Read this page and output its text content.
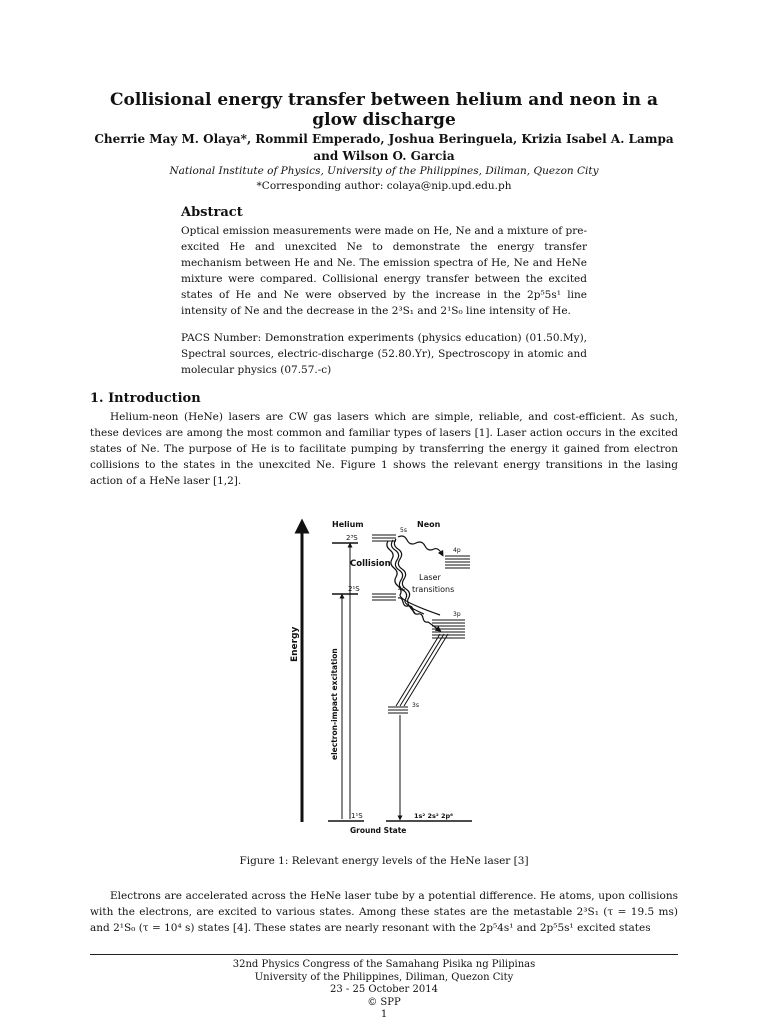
Collisional energy transfer between helium and neon in a glow discharge
Cherrie May M. Olaya*, Rommil Emperado, Joshua Beringuela, Krizia Isabel A. Lampa and Wilson O. Garcia
National Institute of Physics, University of the Philippines, Diliman, Quezon City
*Corresponding author: colaya@nip.upd.edu.ph
Abstract
Optical emission measurements were made on He, Ne and a mixture of pre-excited He and unexcited Ne to demonstrate the energy transfer mechanism between He and Ne. The emission spectra of He, Ne and HeNe mixture were compared. Collisional energy transfer between the excited states of He and Ne were observed by the increase in the 2p⁵5s¹ line intensity of Ne and the decrease in the 2³S₁ and 2¹S₀ line intensity of He.
PACS Number: Demonstration experiments (physics education) (01.50.My), Spectral sources, electric-discharge (52.80.Yr), Spectroscopy in atomic and molecular physics (07.57.-c)
1. Introduction
Helium-neon (HeNe) lasers are CW gas lasers which are simple, reliable, and cost-efficient. As such, these devices are among the most common and familiar types of lasers [1]. Laser action occurs in the excited states of Ne. The purpose of He is to facilitate pumping by transferring the energy it gained from electron collisions to the states in the unexcited Ne. Figure 1 shows the relevant energy transitions in the lasing action of a HeNe laser [1,2].
Energy
Helium	Neon
2³S
2¹S
1¹S
electron-impact excitation
Collision
5s
4p
4s
3p
3s
1s² 2s² 2p⁶
Laser
transitions
Ground State
Figure 1: Relevant energy levels of the HeNe laser [3]
Electrons are accelerated across the HeNe laser tube by a potential difference. He atoms, upon collisions with the electrons, are excited to various states. Among these states are the metastable 2³S₁ (τ = 19.5 ms) and 2¹S₀ (τ = 10⁴ s) states [4]. These states are nearly resonant with the 2p⁵4s¹ and 2p⁵5s¹ excited states
32nd Physics Congress of the Samahang Pisika ng Pilipinas
University of the Philippines, Diliman, Quezon City
23 - 25 October 2014
© SPP
1
